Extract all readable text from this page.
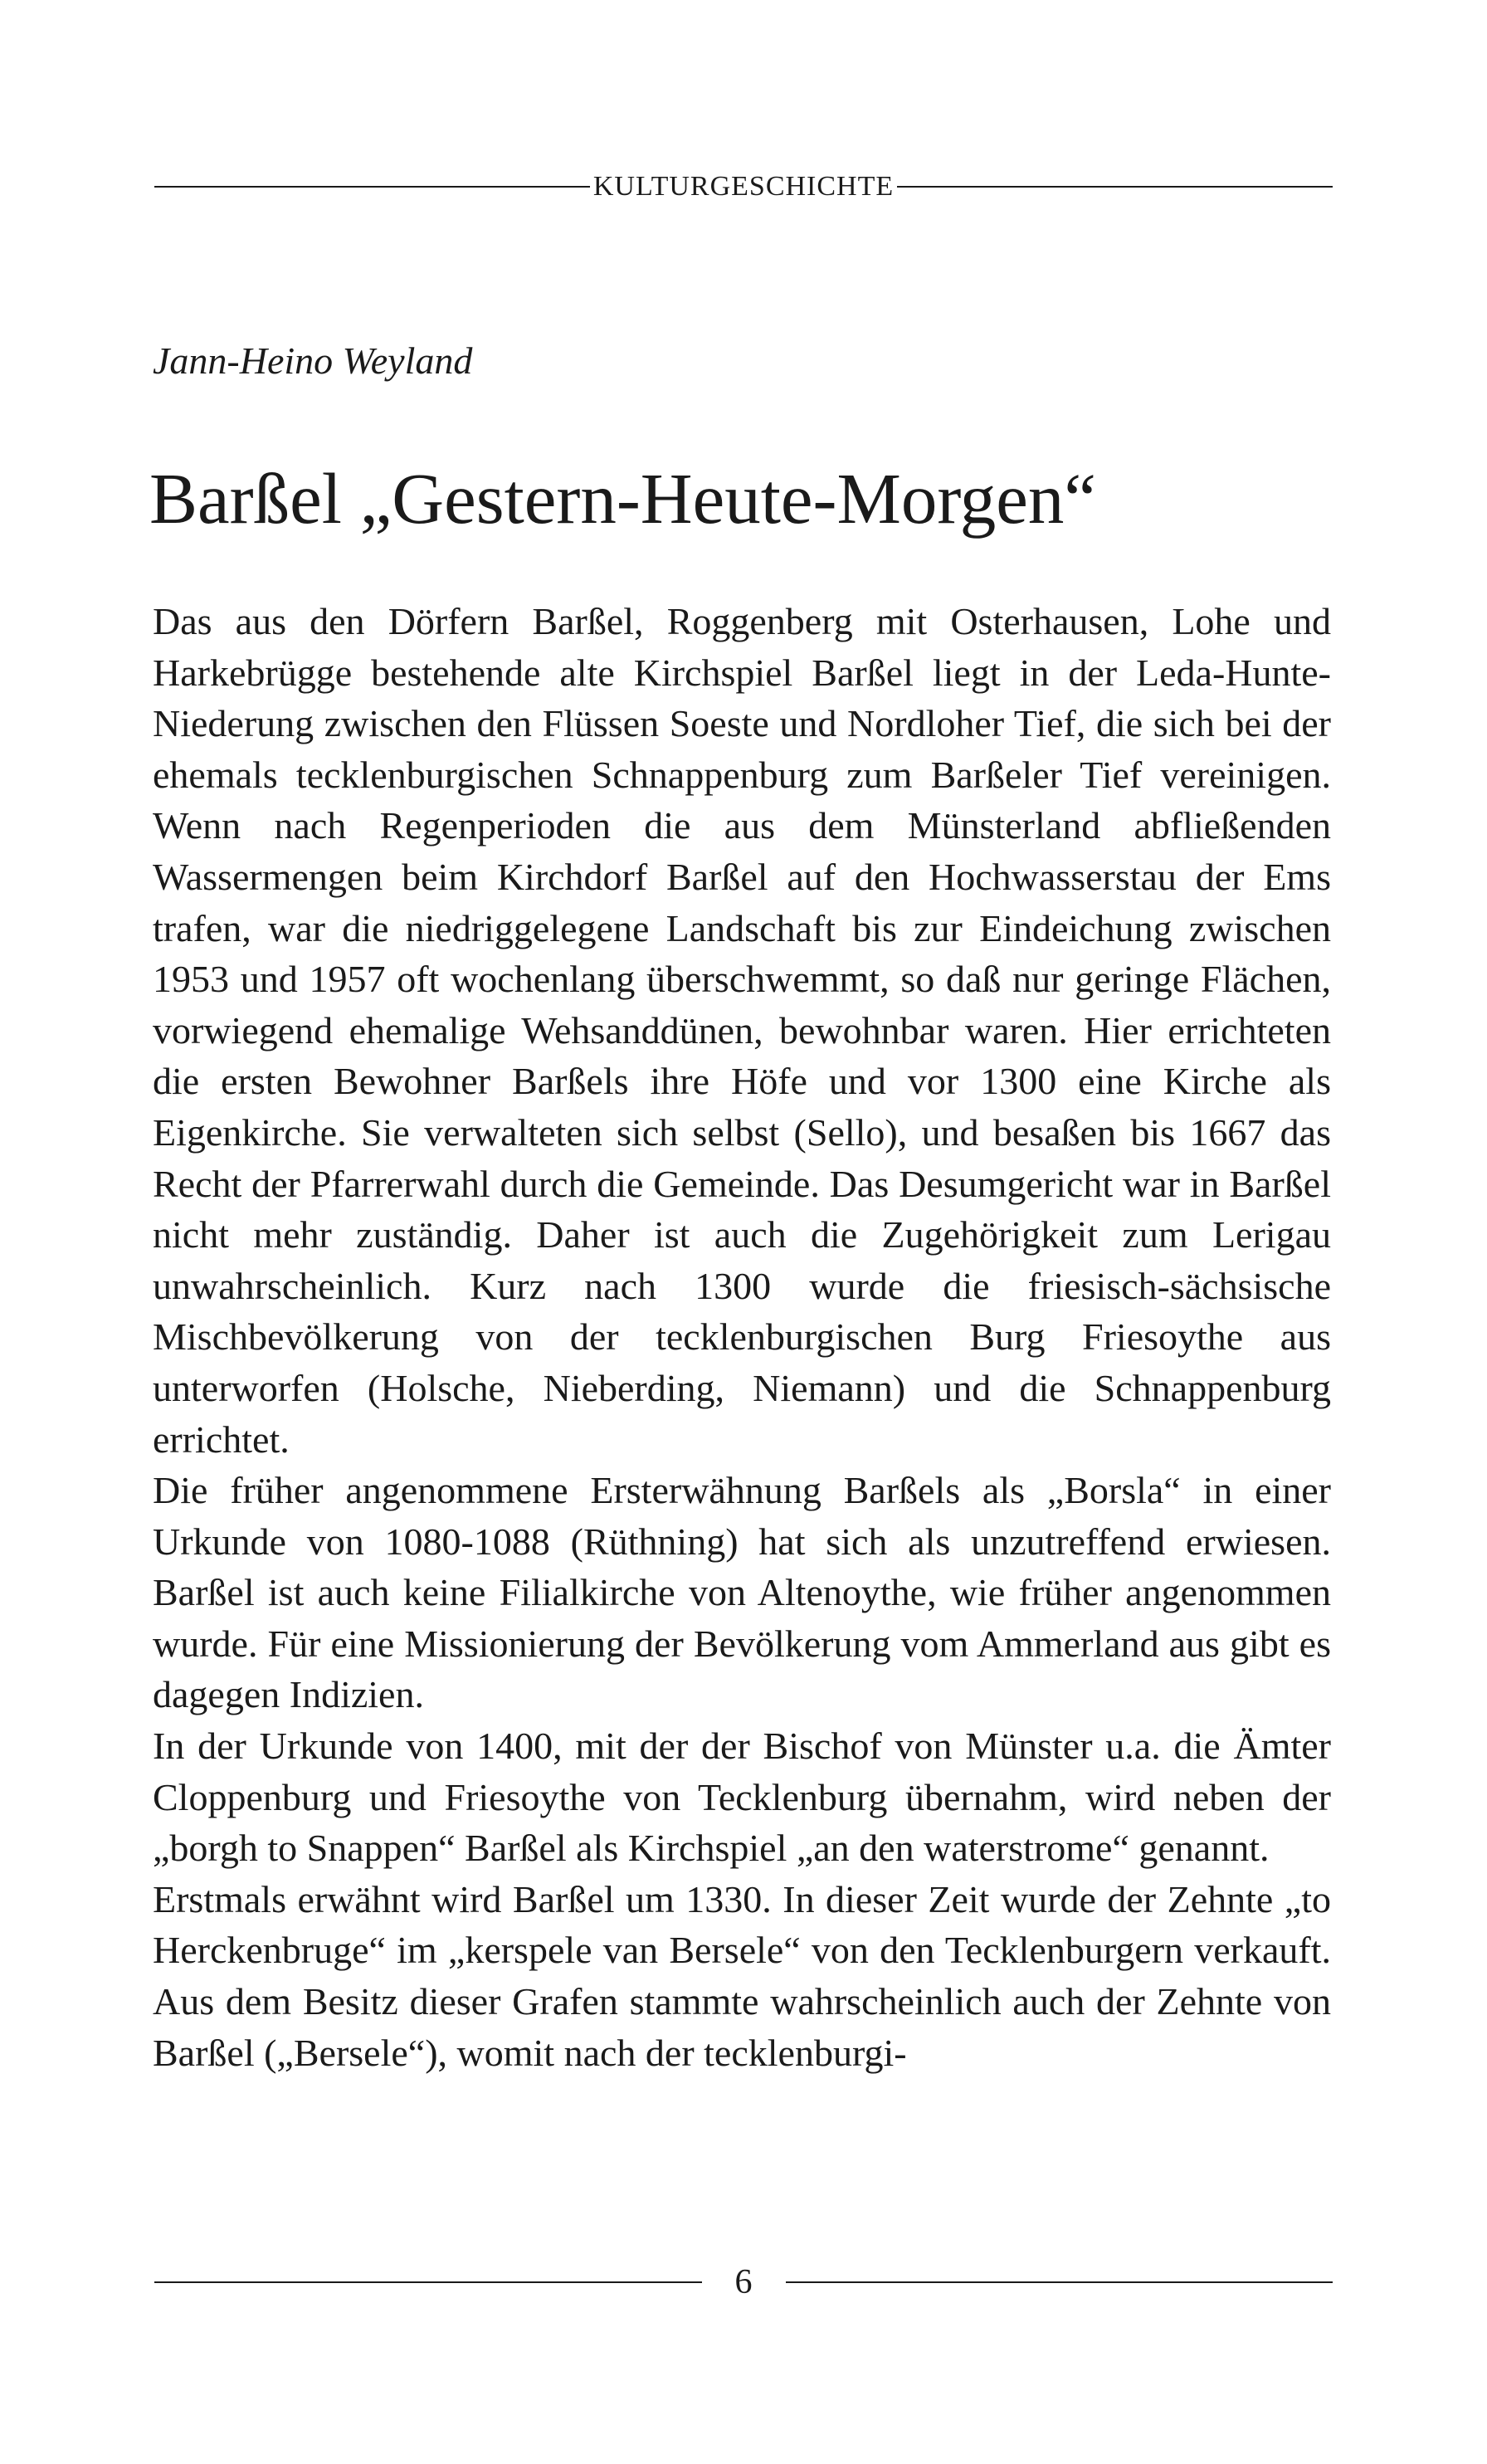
KULTURGESCHICHTE
Jann-Heino Weyland
Barßel „Gestern-Heute-Morgen“

Das aus den Dörfern Barßel, Roggenberg mit Osterhausen, Lohe und Harkebrügge bestehende alte Kirchspiel Barßel liegt in der Leda-Hunte-Niederung zwischen den Flüssen Soeste und Nordloher Tief, die sich bei der ehemals tecklenburgischen Schnappenburg zum Barßeler Tief vereinigen. Wenn nach Regenperioden die aus dem Münsterland abfließenden Wassermengen beim Kirchdorf Barßel auf den Hochwasserstau der Ems trafen, war die niedriggelegene Landschaft bis zur Eindeichung zwischen 1953 und 1957 oft wochenlang überschwemmt, so daß nur geringe Flächen, vorwiegend ehemalige Wehsanddünen, bewohnbar waren. Hier errichteten die ersten Bewohner Barßels ihre Höfe und vor 1300 eine Kirche als Eigenkirche. Sie verwalteten sich selbst (Sello), und besaßen bis 1667 das Recht der Pfarrerwahl durch die Gemeinde. Das Desumgericht war in Barßel nicht mehr zuständig. Daher ist auch die Zugehörigkeit zum Lerigau unwahrscheinlich. Kurz nach 1300 wurde die friesisch-sächsische Mischbevölkerung von der tecklenburgischen Burg Friesoythe aus unterworfen (Holsche, Nieberding, Niemann) und die Schnappenburg errichtet.

Die früher angenommene Ersterwähnung Barßels als „Borsla“ in einer Urkunde von 1080-1088 (Rüthning) hat sich als unzutreffend erwiesen. Barßel ist auch keine Filialkirche von Altenoythe, wie früher angenommen wurde. Für eine Missionierung der Bevölkerung vom Ammerland aus gibt es dagegen Indizien.

In der Urkunde von 1400, mit der der Bischof von Münster u.a. die Ämter Cloppenburg und Friesoythe von Tecklenburg übernahm, wird neben der „borgh to Snappen“ Barßel als Kirchspiel „an den waterstrome“ genannt.

Erstmals erwähnt wird Barßel um 1330. In dieser Zeit wurde der Zehnte „to Herckenbruge“ im „kerspele van Bersele“ von den Tecklenburgern verkauft. Aus dem Besitz dieser Grafen stammte wahrscheinlich auch der Zehnte von Barßel („Bersele“), womit nach der tecklenburgi-

6
